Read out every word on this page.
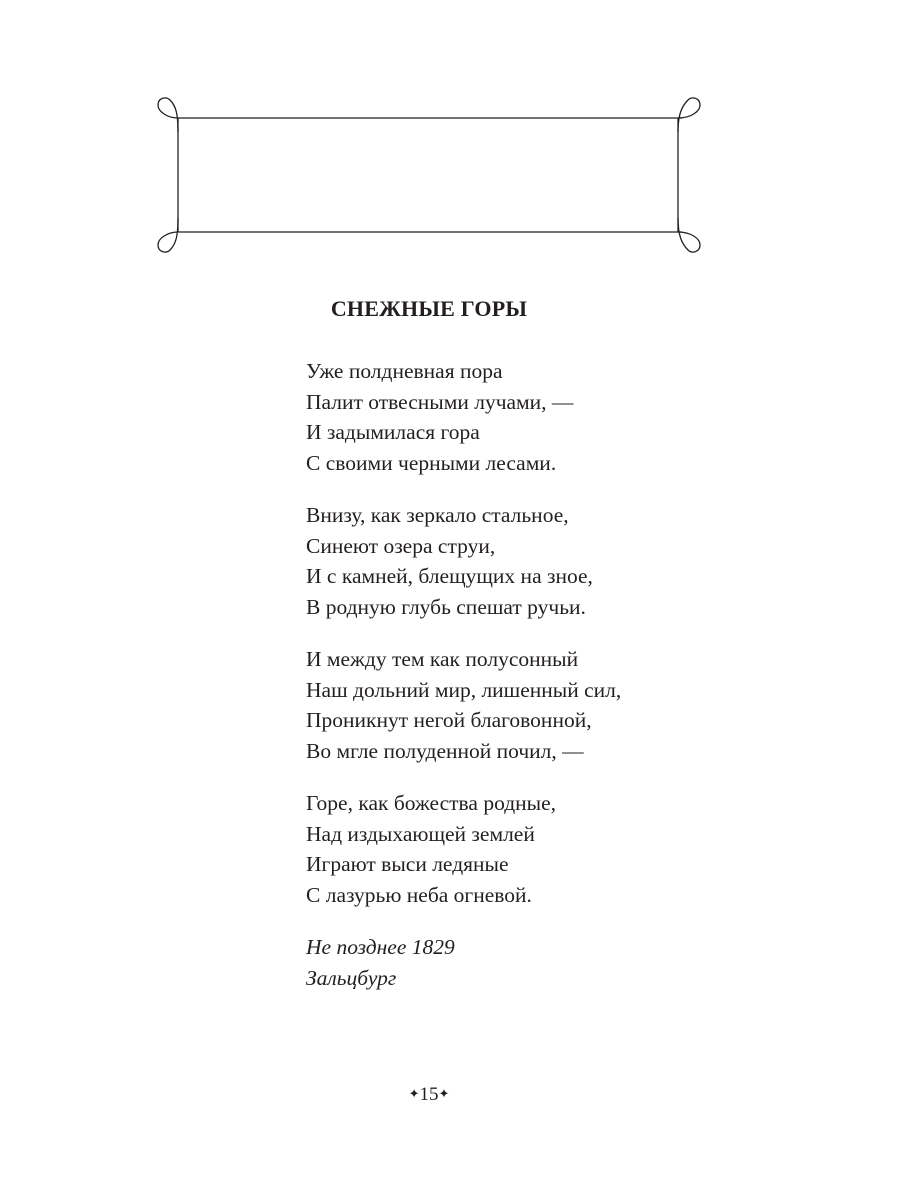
СНЕЖНЫЕ ГОРЫ
Уже полдневная пора
Палит отвесными лучами, —
И задымилася гора
С своими черными лесами.
Внизу, как зеркало стальное,
Синеют озера струи,
И с камней, блещущих на зное,
В родную глубь спешат ручьи.
И между тем как полусонный
Наш дольний мир, лишенный сил,
Проникнут негой благовонной,
Во мгле полуденной почил, —
Горе, как божества родные,
Над издыхающей землей
Играют выси ледяные
С лазурью неба огневой.
Не позднее 1829
Зальцбург
✦15✦
